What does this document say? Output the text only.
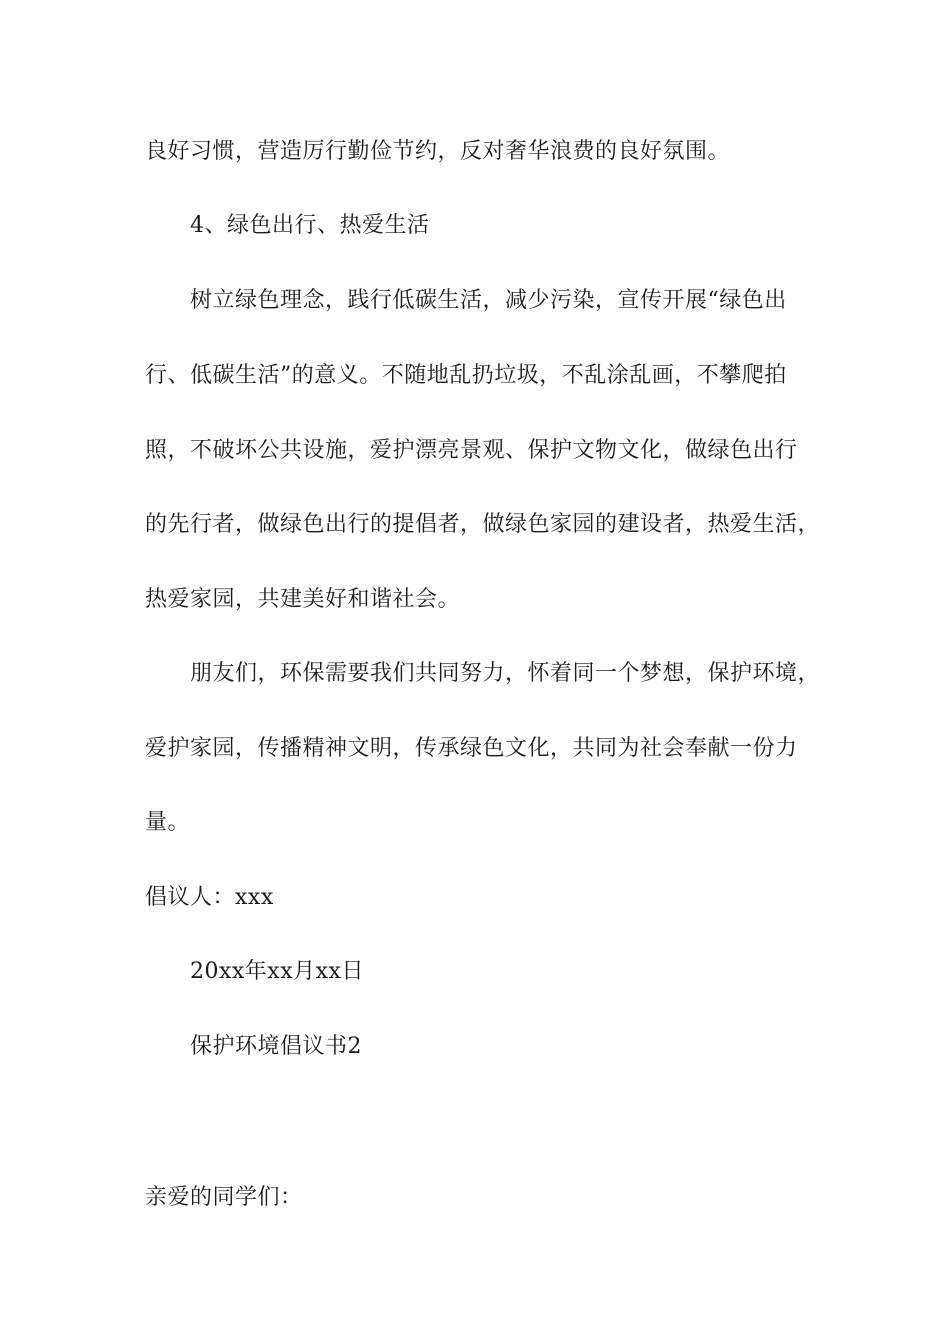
良好习惯，营造厉行勤俭节约，反对奢华浪费的良好氛围。
4、绿色出行、热爱生活
树立绿色理念，践行低碳生活，减少污染，宣传开展“绿色出
行、低碳生活”的意义。不随地乱扔垃圾，不乱涂乱画，不攀爬拍
照，不破坏公共设施，爱护漂亮景观、保护文物文化，做绿色出行
的先行者，做绿色出行的提倡者，做绿色家园的建设者，热爱生活，
热爱家园，共建美好和谐社会。
朋友们，环保需要我们共同努力，怀着同一个梦想，保护环境，
爱护家园，传播精神文明，传承绿色文化，共同为社会奉献一份力
量。
倡议人：xxx
20xx年xx月xx日
保护环境倡议书2
亲爱的同学们：
